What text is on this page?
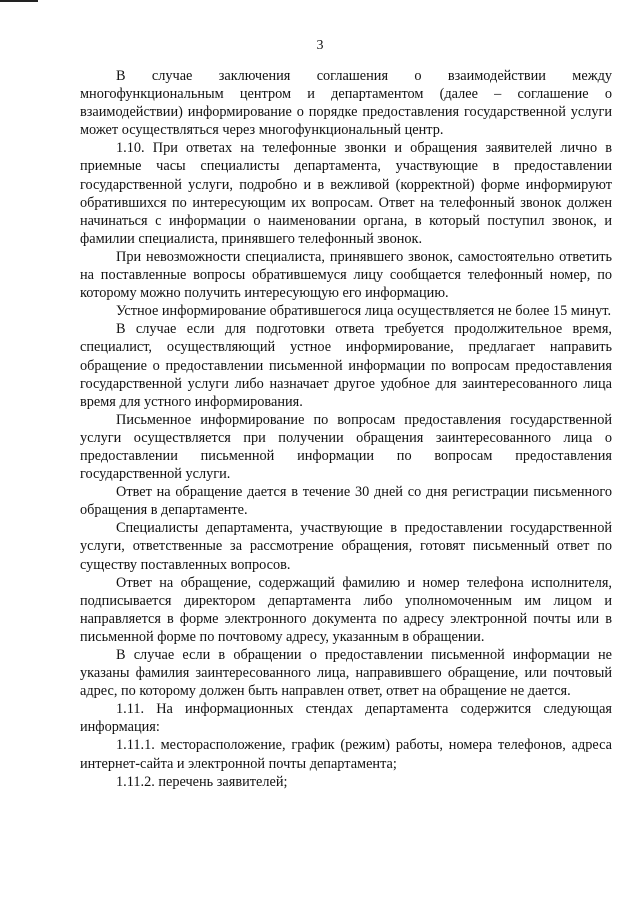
3

В случае заключения соглашения о взаимодействии между многофункциональным центром и департаментом (далее – соглашение о взаимодействии) информирование о порядке предоставления государственной услуги может осуществляться через многофункциональный центр.

1.10. При ответах на телефонные звонки и обращения заявителей лично в приемные часы специалисты департамента, участвующие в предоставлении государственной услуги, подробно и в вежливой (корректной) форме информируют обратившихся по интересующим их вопросам. Ответ на телефонный звонок должен начинаться с информации о наименовании органа, в который поступил звонок, и фамилии специалиста, принявшего телефонный звонок.

При невозможности специалиста, принявшего звонок, самостоятельно ответить на поставленные вопросы обратившемуся лицу сообщается телефонный номер, по которому можно получить интересующую его информацию.

Устное информирование обратившегося лица осуществляется не более 15 минут.

В случае если для подготовки ответа требуется продолжительное время, специалист, осуществляющий устное информирование, предлагает направить обращение о предоставлении письменной информации по вопросам предоставления государственной услуги либо назначает другое удобное для заинтересованного лица время для устного информирования.

Письменное информирование по вопросам предоставления государственной услуги осуществляется при получении обращения заинтересованного лица о предоставлении письменной информации по вопросам предоставления государственной услуги.

Ответ на обращение дается в течение 30 дней со дня регистрации письменного обращения в департаменте.

Специалисты департамента, участвующие в предоставлении государственной услуги, ответственные за рассмотрение обращения, готовят письменный ответ по существу поставленных вопросов.

Ответ на обращение, содержащий фамилию и номер телефона исполнителя, подписывается директором департамента либо уполномоченным им лицом и направляется в форме электронного документа по адресу электронной почты или в письменной форме по почтовому адресу, указанным в обращении.

В случае если в обращении о предоставлении письменной информации не указаны фамилия заинтересованного лица, направившего обращение, или почтовый адрес, по которому должен быть направлен ответ, ответ на обращение не дается.

1.11. На информационных стендах департамента содержится следующая информация:

1.11.1. месторасположение, график (режим) работы, номера телефонов, адреса интернет-сайта и электронной почты департамента;

1.11.2. перечень заявителей;
